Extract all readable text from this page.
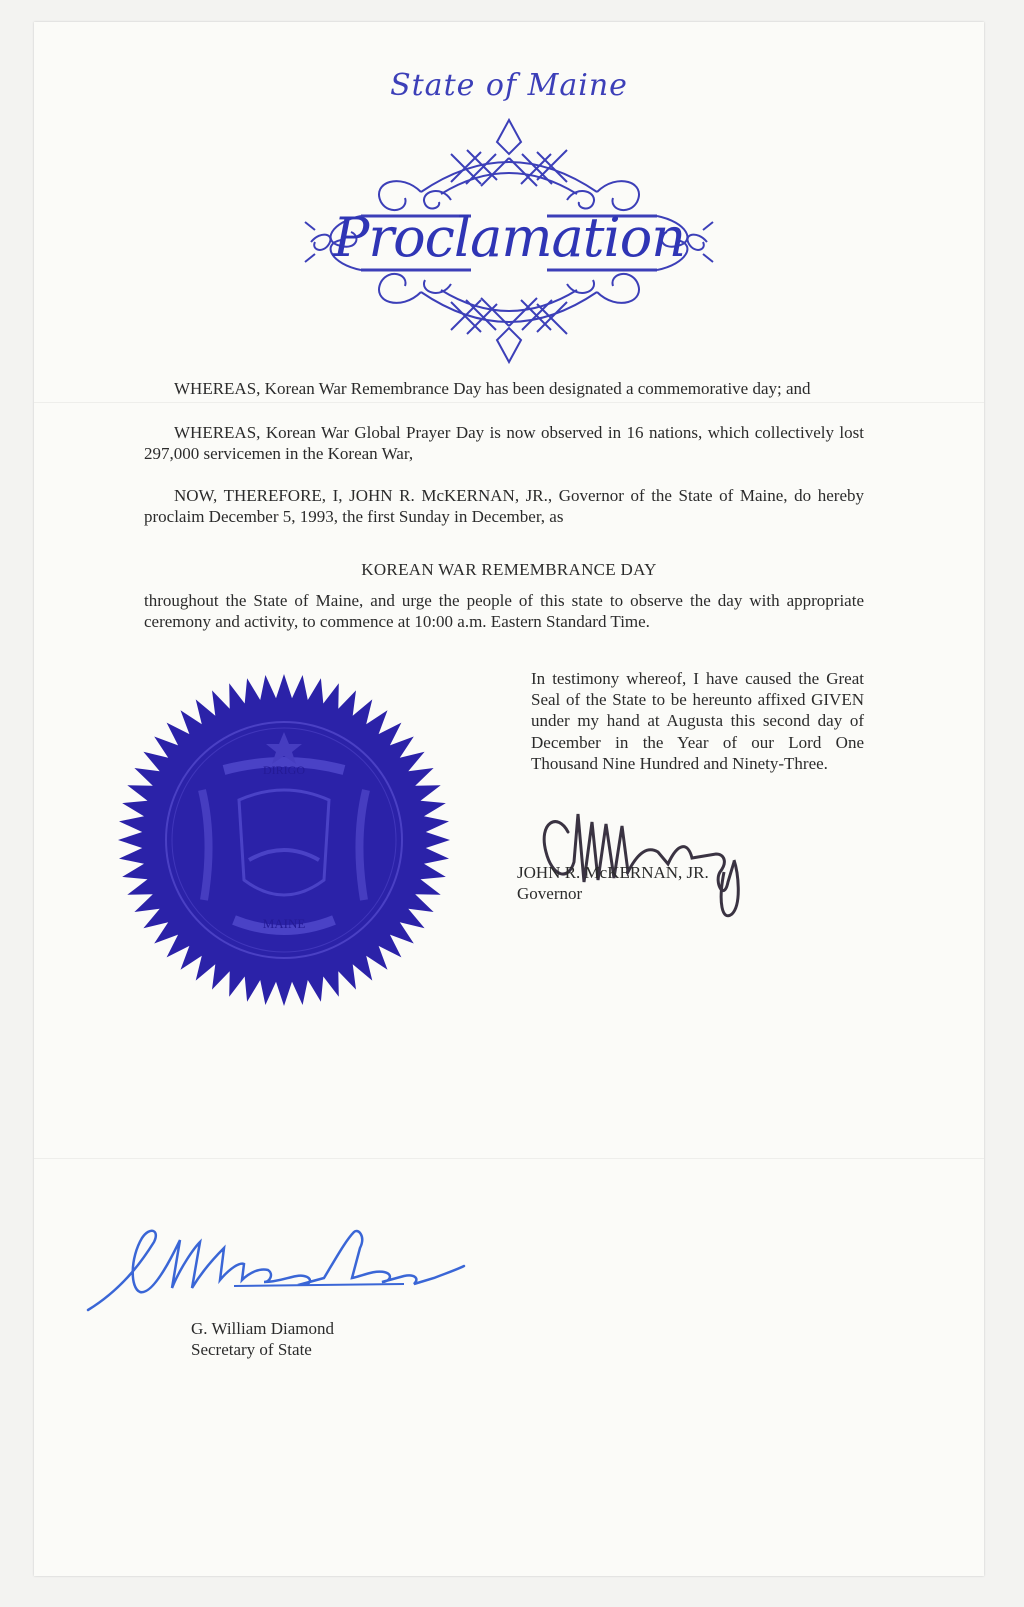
State of Maine
Proclamation

WHEREAS, Korean War Remembrance Day has been designated a commemorative day; and

WHEREAS, Korean War Global Prayer Day is now observed in 16 nations, which collectively lost 297,000 servicemen in the Korean War,

NOW, THEREFORE, I, JOHN R. McKERNAN, JR., Governor of the State of Maine, do hereby proclaim December 5, 1993, the first Sunday in December, as

KOREAN WAR REMEMBRANCE DAY

throughout the State of Maine, and urge the people of this state to observe the day with appropriate ceremony and activity, to commence at 10:00 a.m. Eastern Standard Time.

In testimony whereof, I have caused the Great Seal of the State to be hereunto affixed GIVEN under my hand at Augusta this second day of December in the Year of our Lord One Thousand Nine Hundred and Ninety-Three.

DIRIGO
MAINE
JOHN R. McKERNAN, JR.
Governor
G. William Diamond
Secretary of State
